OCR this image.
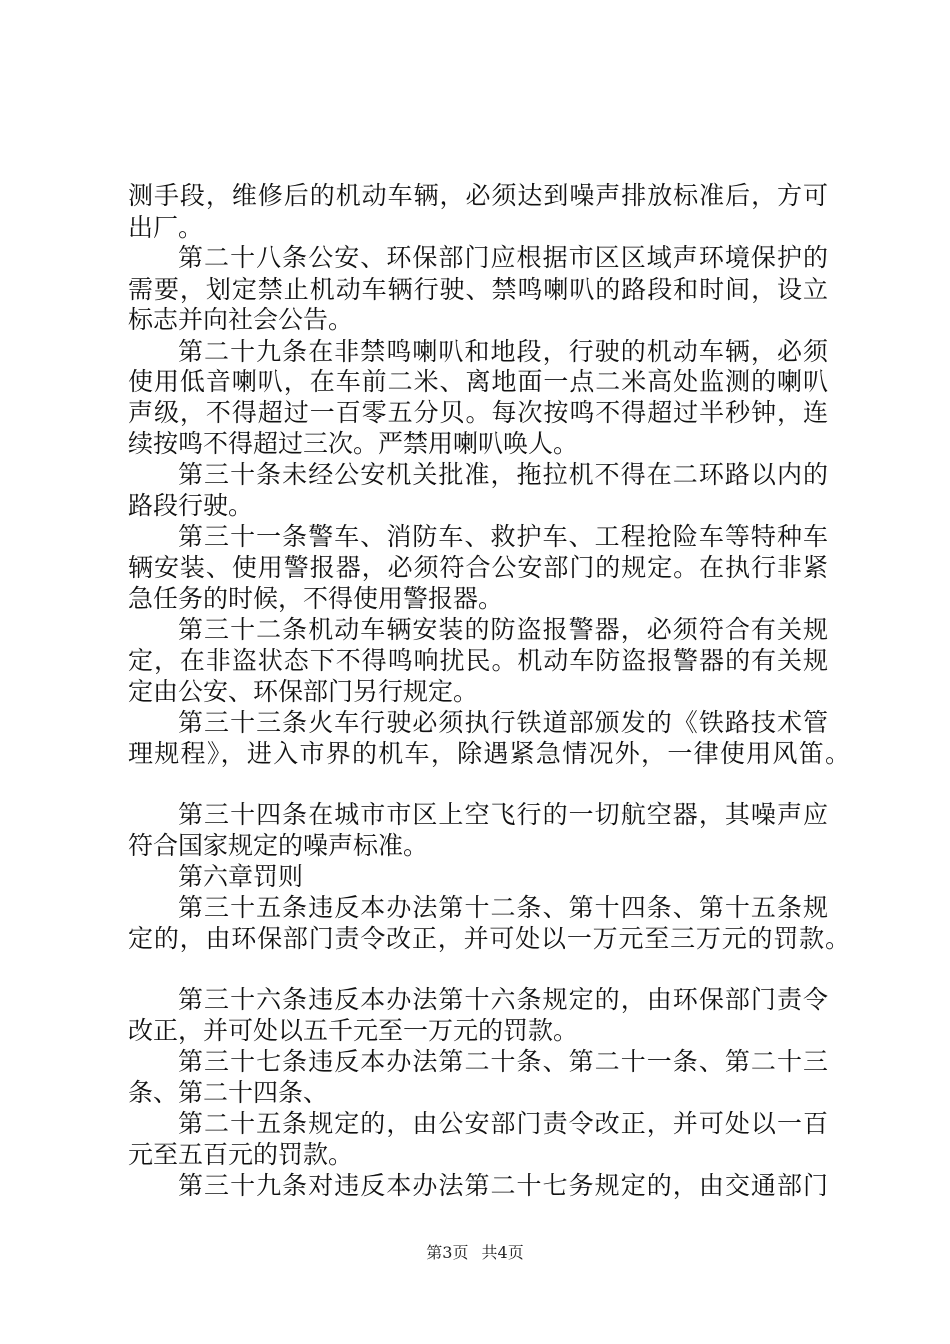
测手段，维修后的机动车辆，必须达到噪声排放标准后，方可
出厂。
第二十八条公安、环保部门应根据市区区域声环境保护的
需要，划定禁止机动车辆行驶、禁鸣喇叭的路段和时间，设立
标志并向社会公告。
第二十九条在非禁鸣喇叭和地段，行驶的机动车辆，必须
使用低音喇叭，在车前二米、离地面一点二米高处监测的喇叭
声级，不得超过一百零五分贝。每次按鸣不得超过半秒钟，连
续按鸣不得超过三次。严禁用喇叭唤人。
第三十条未经公安机关批准，拖拉机不得在二环路以内的
路段行驶。
第三十一条警车、消防车、救护车、工程抢险车等特种车
辆安装、使用警报器，必须符合公安部门的规定。在执行非紧
急任务的时候，不得使用警报器。
第三十二条机动车辆安装的防盗报警器，必须符合有关规
定，在非盗状态下不得鸣响扰民。机动车防盗报警器的有关规
定由公安、环保部门另行规定。
第三十三条火车行驶必须执行铁道部颁发的《铁路技术管
理规程》，进入市界的机车，除遇紧急情况外，一律使用风笛。
第三十四条在城市市区上空飞行的一切航空器，其噪声应
符合国家规定的噪声标准。
第六章罚则
第三十五条违反本办法第十二条、第十四条、第十五条规
定的，由环保部门责令改正，并可处以一万元至三万元的罚款。
第三十六条违反本办法第十六条规定的，由环保部门责令
改正，并可处以五千元至一万元的罚款。
第三十七条违反本办法第二十条、第二十一条、第二十三
条、第二十四条、
第二十五条规定的，由公安部门责令改正，并可处以一百
元至五百元的罚款。
第三十九条对违反本办法第二十七务规定的，由交通部门
第3页 共4页
